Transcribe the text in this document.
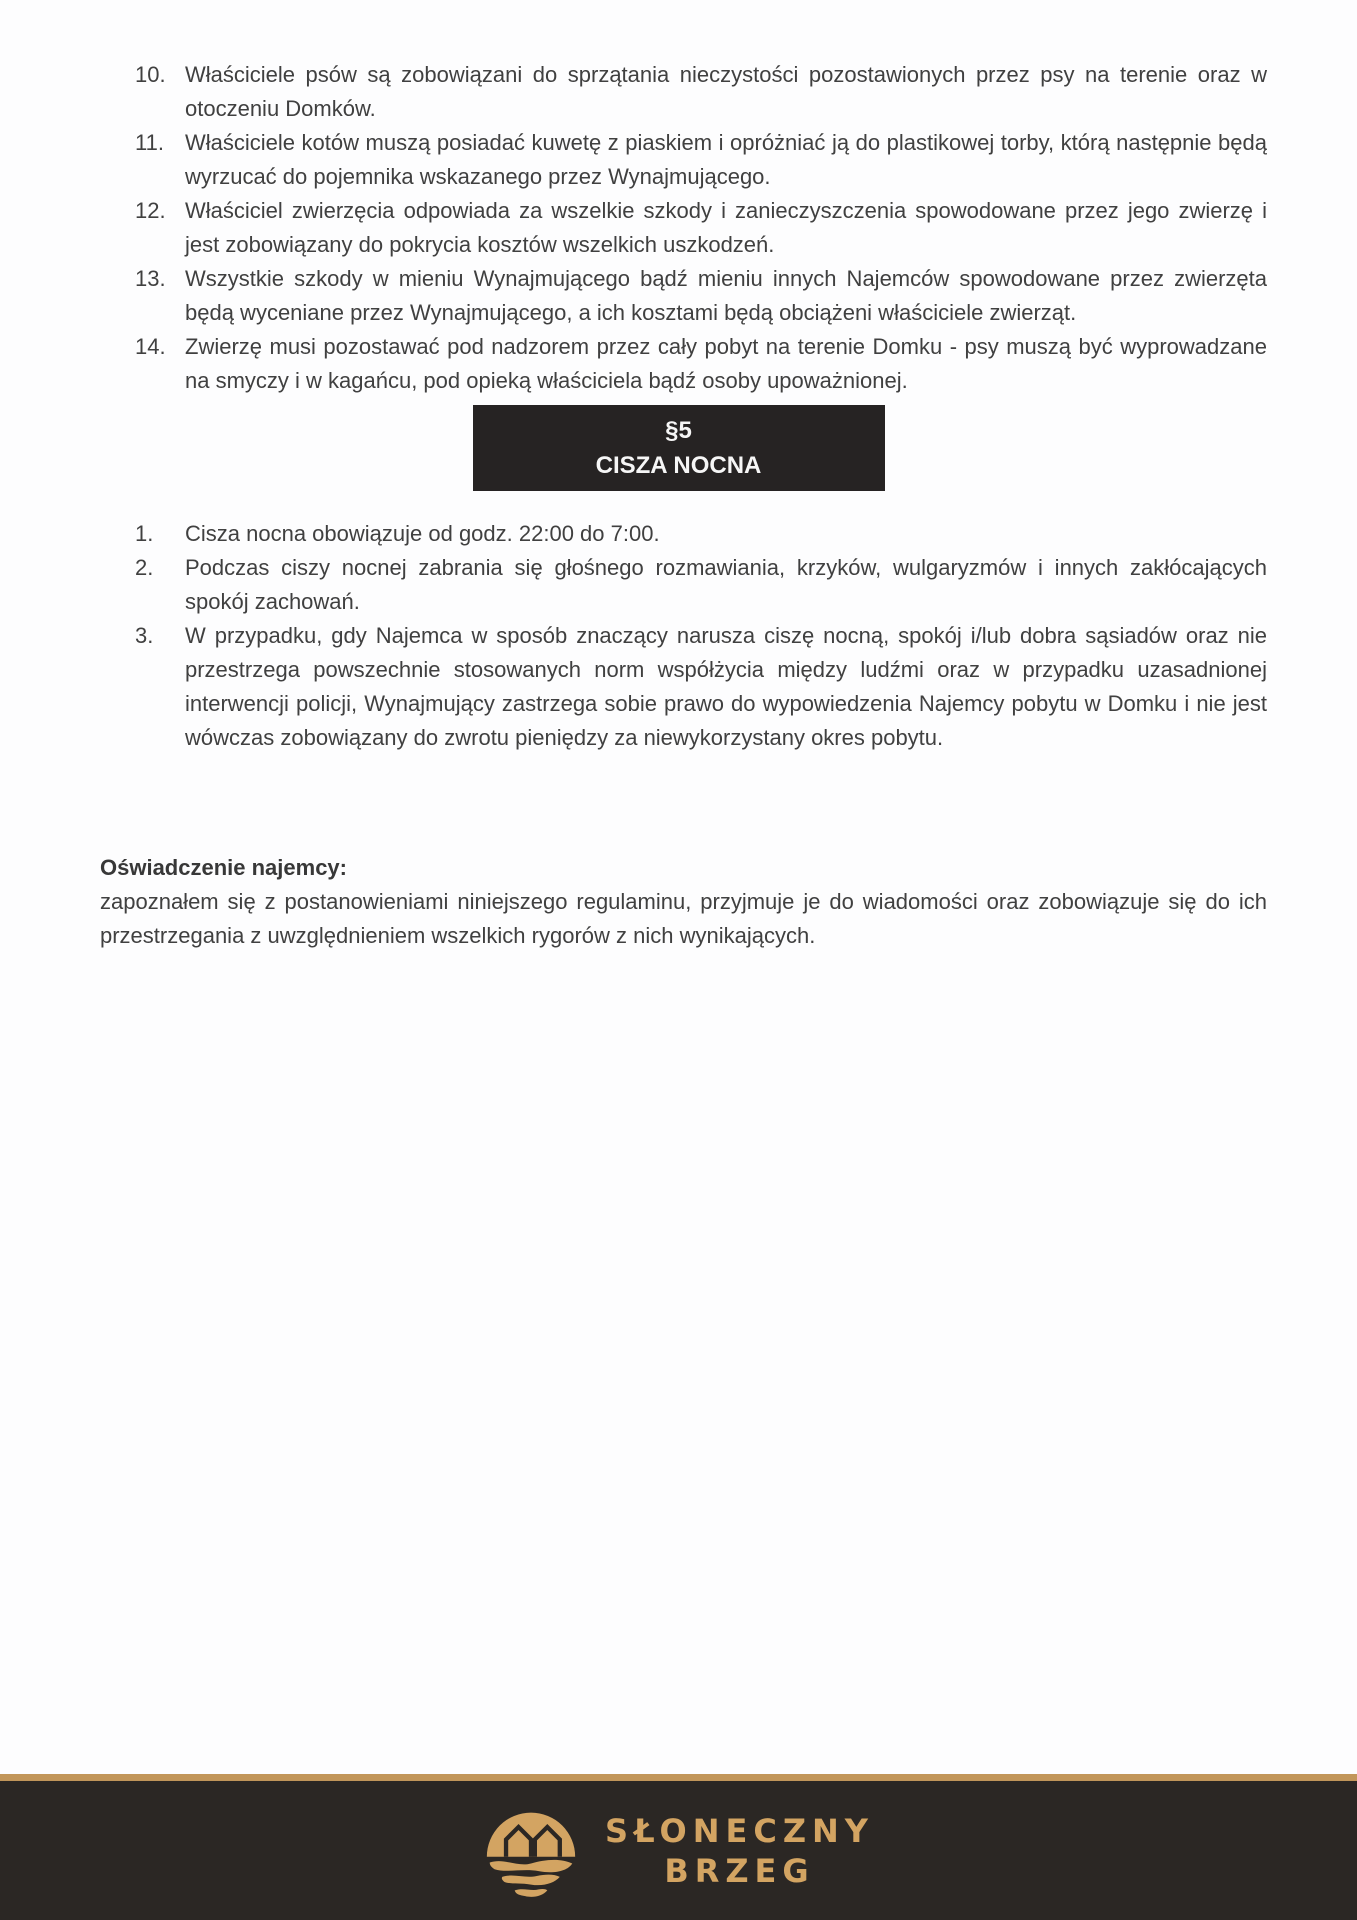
10. Właściciele psów są zobowiązani do sprzątania nieczystości pozostawionych przez psy na terenie oraz w otoczeniu Domków.
11. Właściciele kotów muszą posiadać kuwetę z piaskiem i opróżniać ją do plastikowej torby, którą następnie będą wyrzucać do pojemnika wskazanego przez Wynajmującego.
12. Właściciel zwierzęcia odpowiada za wszelkie szkody i zanieczyszczenia spowodowane przez jego zwierzę i jest zobowiązany do pokrycia kosztów wszelkich uszkodzeń.
13. Wszystkie szkody w mieniu Wynajmującego bądź mieniu innych Najemców spowodowane przez zwierzęta będą wyceniane przez Wynajmującego, a ich kosztami będą obciążeni właściciele zwierząt.
14. Zwierzę musi pozostawać pod nadzorem przez cały pobyt na terenie Domku - psy muszą być wyprowadzane na smyczy i w kagańcu, pod opieką właściciela bądź osoby upoważnionej.
§5
CISZA NOCNA
1.	Cisza nocna obowiązuje od godz. 22:00 do 7:00.
2.	Podczas ciszy nocnej zabrania się głośnego rozmawiania, krzyków, wulgaryzmów i innych zakłócających spokój zachowań.
3.	W przypadku, gdy Najemca w sposób znaczący narusza ciszę nocną, spokój i/lub dobra sąsiadów oraz nie przestrzega powszechnie stosowanych norm współżycia między ludźmi oraz w przypadku uzasadnionej interwencji policji, Wynajmujący zastrzega sobie prawo do wypowiedzenia Najemcy pobytu w Domku i nie jest wówczas zobowiązany do zwrotu pieniędzy za niewykorzystany okres pobytu.
Oświadczenie najemcy:
zapoznałem się z postanowieniami niniejszego regulaminu, przyjmuje je do wiadomości oraz zobowiązuje się do ich przestrzegania z uwzględnieniem wszelkich rygorów z nich wynikających.
SŁONECZNY
BRZEG
